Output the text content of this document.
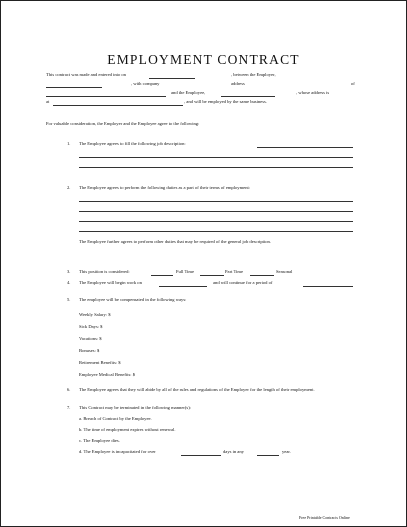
EMPLOYMENT CONTRACT
This contract was made and entered into on	, between the Employer,
, with company	address	of
and the Employee,	, whose address is
at	, and will be employed by the same business.
For valuable consideration, the Employer and the Employee agree to the following:
1. The Employee agrees to fill the following job description:
2. The Employee agrees to perform the following duties as a part of their terms of employment:
The Employee further agrees to perform other duties that may be required of the general job description.
3. This position is considered:	Full Time	Part Time	Seasonal
4. The Employee will begin work on	and will continue for a period of
5. The employee will be compensated in the following ways:
Weekly Salary: $
Sick Days: $
Vacations: $
Bonuses: $
Retirement Benefits: $
Employee Medical Benefits: $
6. The Employee agrees that they will abide by all of the rules and regulations of the Employer for the length of their employment.
7. This Contract may be terminated in the following manner(s):
a. Breach of Contract by the Employee.
b. The time of employment expires without renewal.
c. The Employee dies.
d. The Employee is incapacitated for over	days in any	year.
Free Printable Contracts Online
